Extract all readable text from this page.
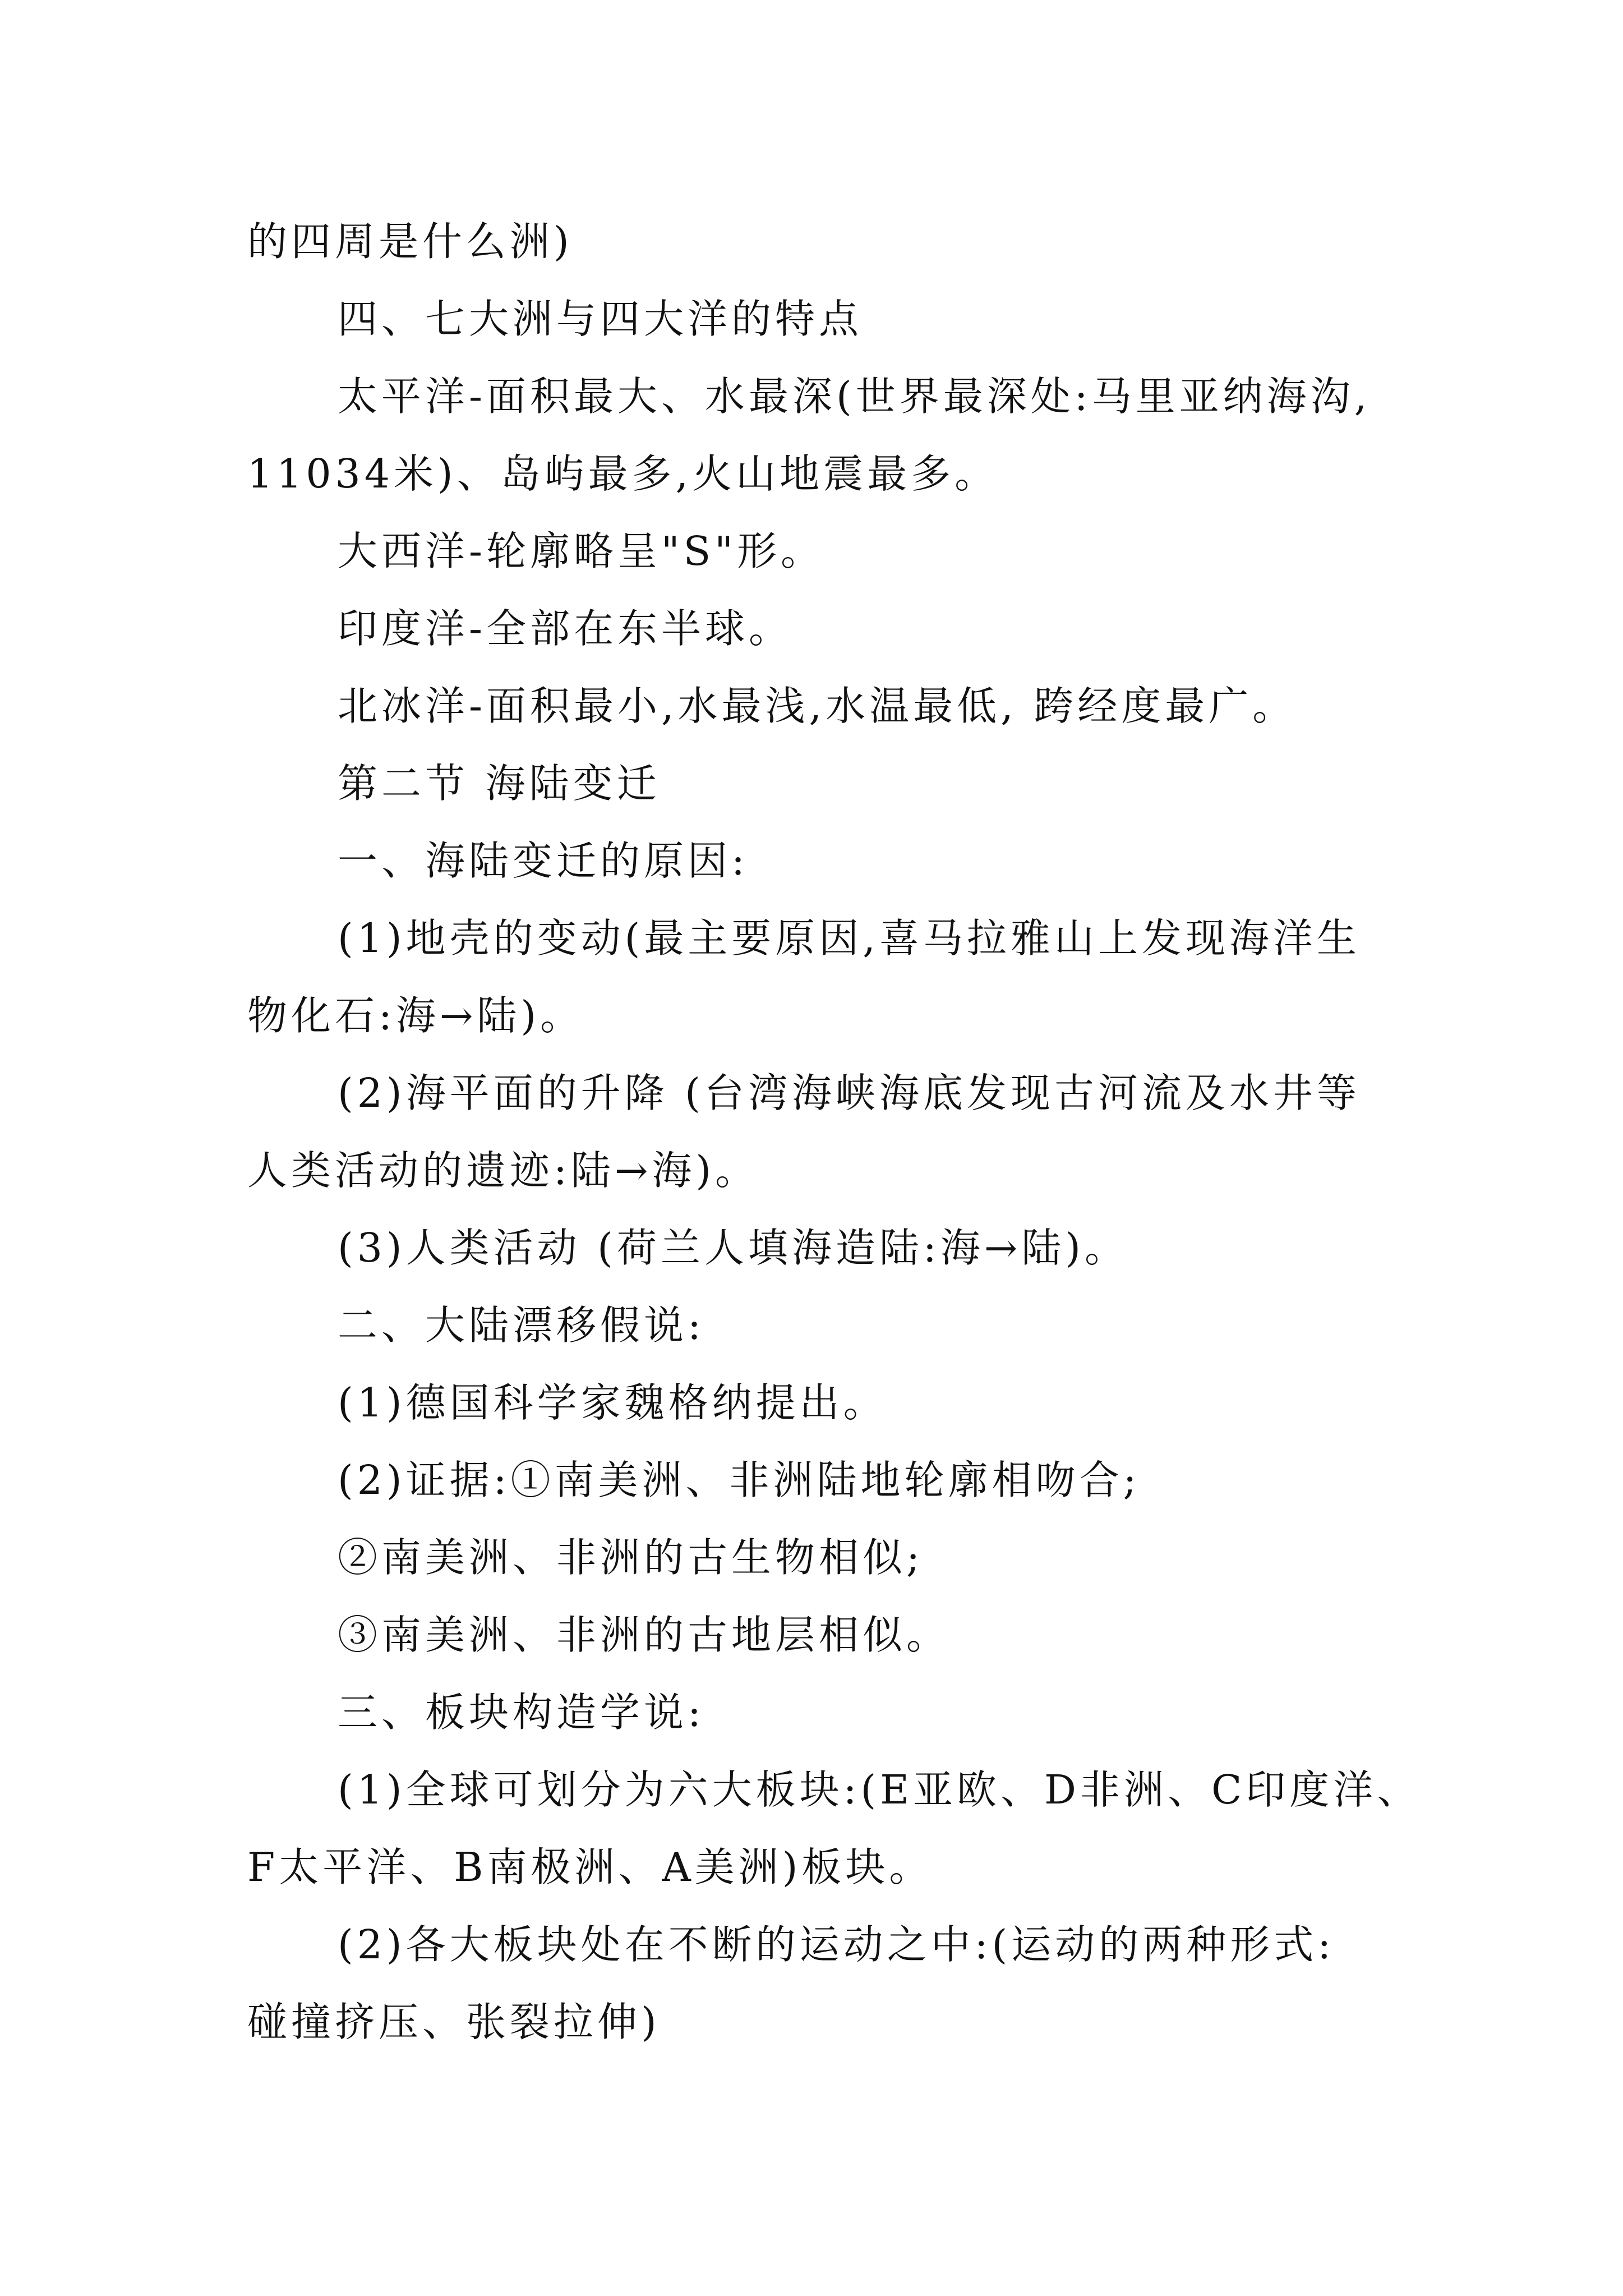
的四周是什么洲)

四、七大洲与四大洋的特点

太平洋-面积最大、水最深(世界最深处:马里亚纳海沟,

11034米)、岛屿最多,火山地震最多。

大西洋-轮廓略呈"S"形。

印度洋-全部在东半球。

北冰洋-面积最小,水最浅,水温最低, 跨经度最广。

第二节 海陆变迁

一、海陆变迁的原因:

(1)地壳的变动(最主要原因,喜马拉雅山上发现海洋生

物化石:海→陆)。

(2)海平面的升降 (台湾海峡海底发现古河流及水井等

人类活动的遗迹:陆→海)。

(3)人类活动 (荷兰人填海造陆:海→陆)。

二、大陆漂移假说:

(1)德国科学家魏格纳提出。

(2)证据:①南美洲、非洲陆地轮廓相吻合;

②南美洲、非洲的古生物相似;

③南美洲、非洲的古地层相似。

三、板块构造学说:

(1)全球可划分为六大板块:(E亚欧、D非洲、C印度洋、

F太平洋、B南极洲、A美洲)板块。

(2)各大板块处在不断的运动之中:(运动的两种形式:

碰撞挤压、张裂拉伸)
